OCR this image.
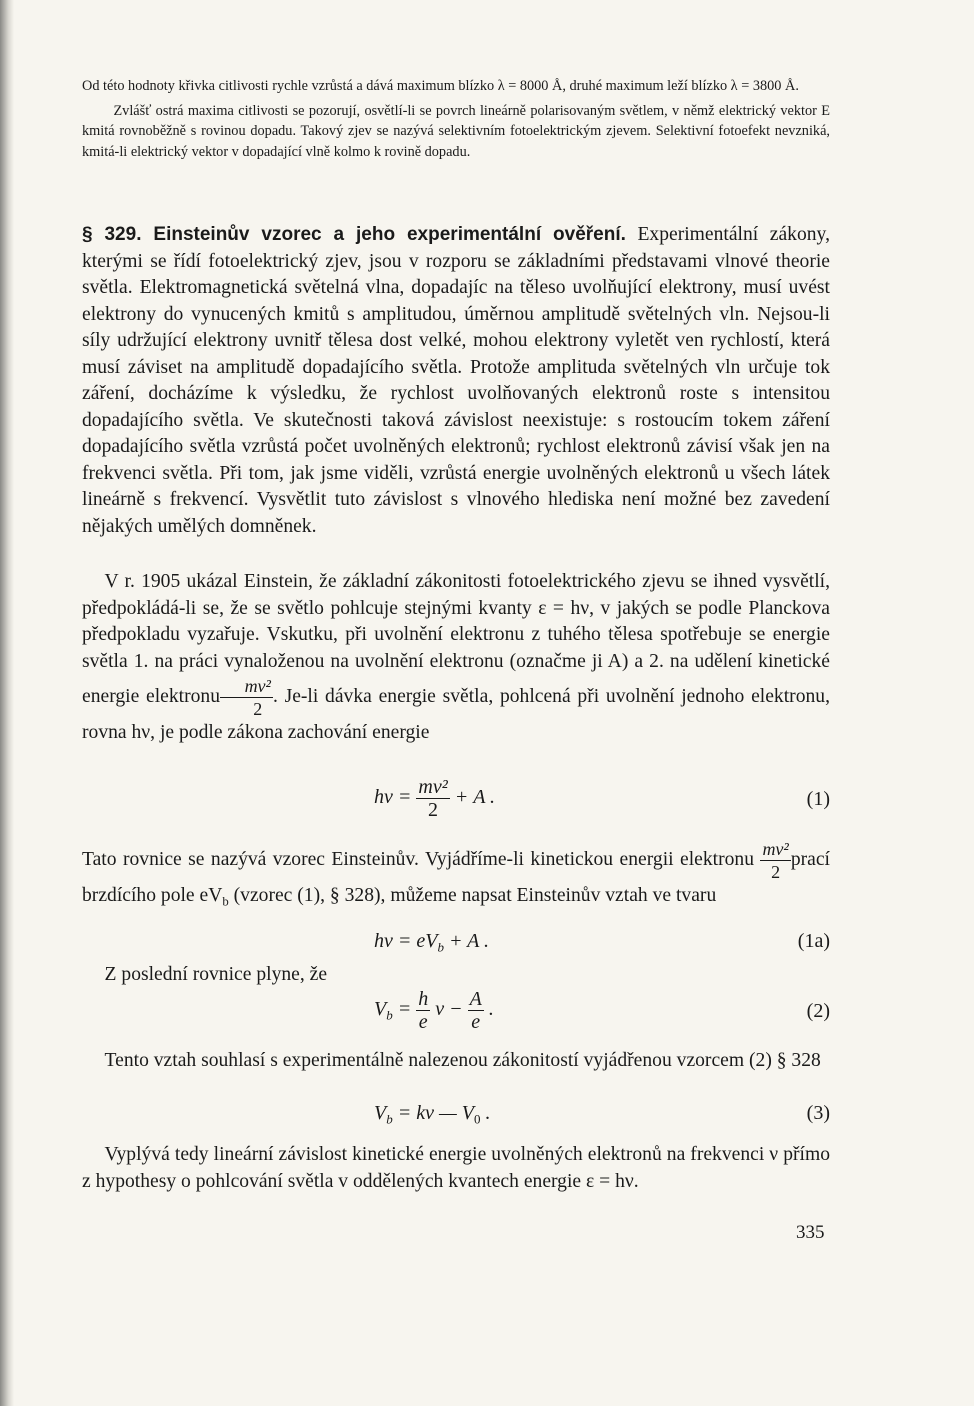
Od této hodnoty křivka citlivosti rychle vzrůstá a dává maximum blízko λ = 8000 Å, druhé maximum leží blízko λ = 3800 Å.

Zvlášť ostrá maxima citlivosti se pozorují, osvětlí-li se povrch lineárně polarisovaným světlem, v němž elektrický vektor E kmitá rovnoběžně s rovinou dopadu. Takový zjev se nazývá selektivním fotoelektrickým zjevem. Selektivní fotoefekt nevzniká, kmitá-li elektrický vektor v dopadající vlně kolmo k rovině dopadu.

§ 329. Einsteinův vzorec a jeho experimentální ověření. Experimentální zákony, kterými se řídí fotoelektrický zjev, jsou v rozporu se základními představami vlnové theorie světla. Elektromagnetická světelná vlna, dopadajíc na těleso uvolňující elektrony, musí uvést elektrony do vynucených kmitů s amplitudou, úměrnou amplitudě světelných vln. Nejsou-li síly udržující elektrony uvnitř tělesa dost velké, mohou elektrony vyletět ven rychlostí, která musí záviset na amplitudě dopadajícího světla. Protože amplituda světelných vln určuje tok záření, docházíme k výsledku, že rychlost uvolňovaných elektronů roste s intensitou dopadajícího světla. Ve skutečnosti taková závislost neexistuje: s rostoucím tokem záření dopadajícího světla vzrůstá počet uvolněných elektronů; rychlost elektronů závisí však jen na frekvenci světla. Při tom, jak jsme viděli, vzrůstá energie uvolněných elektronů u všech látek lineárně s frekvencí. Vysvětlit tuto závislost s vlnového hlediska není možné bez zavedení nějakých umělých domněnek.

V r. 1905 ukázal Einstein, že základní zákonitosti fotoelektrického zjevu se ihned vysvětlí, předpokládá-li se, že se světlo pohlcuje stejnými kvanty ε = hν, v jakých se podle Planckova předpokladu vyzařuje. Vskutku, při uvolnění elektronu z tuhého tělesa spotřebuje se energie světla 1. na práci vynaloženou na uvolnění elektronu (označme ji A) a 2. na udělení kinetické energie elektronu $\frac{\text{mv²}}{2}$ . Je-li dávka energie světla, pohlcená při uvolnění jednoho elektronu, rovna hν, je podle zákona zachování energie

$h\nu = \frac{\text{mv²}}{2} + A$ .	(1)

Tato rovnice se nazývá vzorec Einsteinův. Vyjádříme-li kinetickou energii elektronu $\frac{\text{mv²}}{2}$ prací brzdícího pole $eV_b$ (vzorec (1), § 328), můžeme napsat Einsteinův vztah ve tvaru

$h\nu = eV_b + A$ .	(1a)

Z poslední rovnice plyne, že

$V_b = \frac{h}{e}$ $\nu - \frac{A}{e}$ .	(2)

Tento vztah souhlasí s experimentálně nalezenou zákonitostí vyjádřenou vzorcem (2) § 328

$V_b = k\nu$ — $V_0$ .	(3)

Vyplývá tedy lineární závislost kinetické energie uvolněných elektronů na frekvenci ν přímo z hypothesy o pohlcování světla v oddělených kvantech energie ε = hν.

335
